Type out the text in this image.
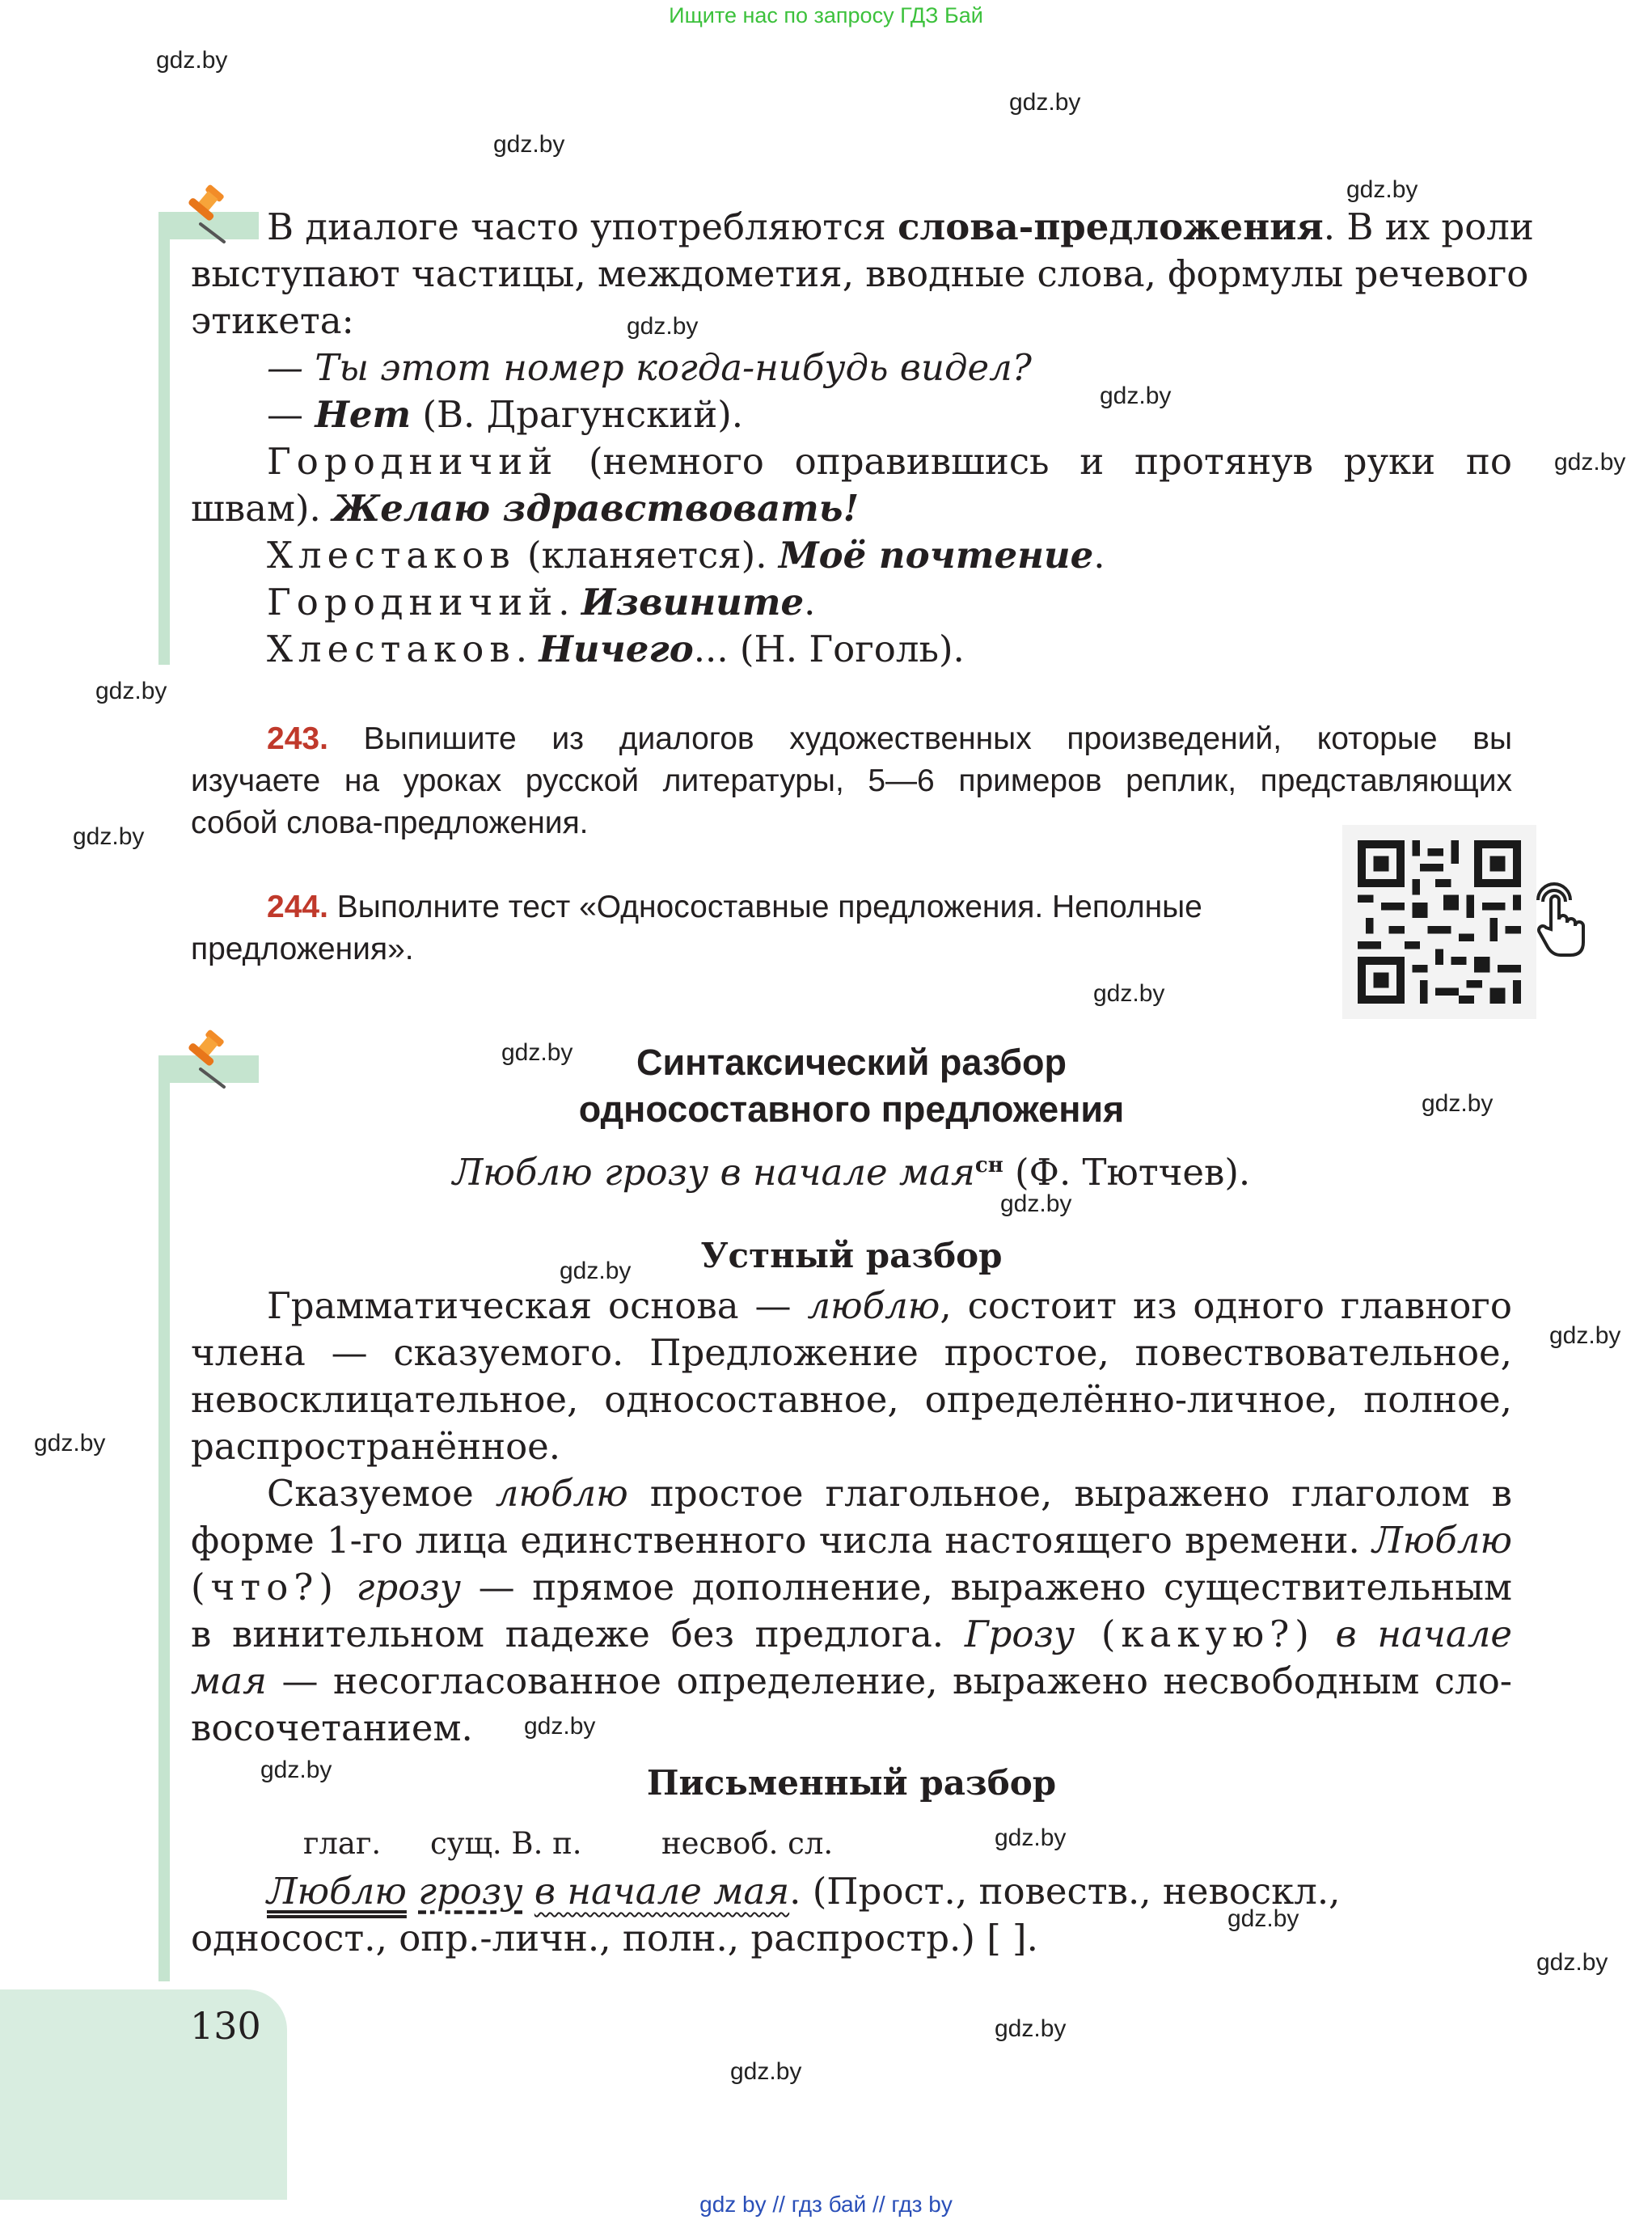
Ищите нас по запросу ГДЗ Бай
gdz.by
gdz.by
gdz.by
gdz.by
gdz.by
gdz.by
gdz.by
gdz.by
gdz.by
gdz.by
gdz.by
gdz.by
gdz.by
gdz.by
gdz.by
gdz.by
gdz.by
gdz.by
gdz.by
gdz.by
gdz.by
gdz.by
gdz.by
В диалоге часто употребляются слова-предложения. В их роли
выступают частицы, междометия, вводные слова, формулы речевого
этикета:
— Ты этот номер когда-нибудь видел?
— Нет (В. Драгунский).
Городничий (немного оправившись и протянув руки по
швам). Желаю здравствовать!
Хлестаков (кланяется). Моё почтение.
Городничий. Извините.
Хлестаков. Ничего... (Н. Гоголь).
243. Выпишите из диалогов художественных произведений, которые вы
изучаете на уроках русской литературы, 5—6 примеров реплик, представляющих
собой слова-предложения.
244. Выполните тест «Односоставные предложения. Неполные
предложения».
Синтаксический разбор
односоставного предложения
Люблю грозу в начале мая$^{сн}$ (Ф. Тютчев).
Устный разбор
Грамматическая основа — люблю, состоит из одного главного
члена — сказуемого. Предложение простое, повествовательное,
невосклицательное, односоставное, определённо-личное, полное,
распространённое.
Сказуемое люблю простое глагольное, выражено глаголом в
форме 1-го лица единственного числа настоящего времени. Люблю
(что?) грозу — прямое дополнение, выражено существительным
в винительном падеже без предлога. Грозу (какую?) в начале
мая — несогласованное определение, выражено несвободным сло-
восочетанием.
Письменный разбор
глаг. сущ. В. п.	несвоб. сл.
Люблю грозу в начале мая. (Прост., повеств., невоскл.,
односост., опр.-личн., полн., распростр.) [ ].
130
gdz by // гдз бай // гдз by
